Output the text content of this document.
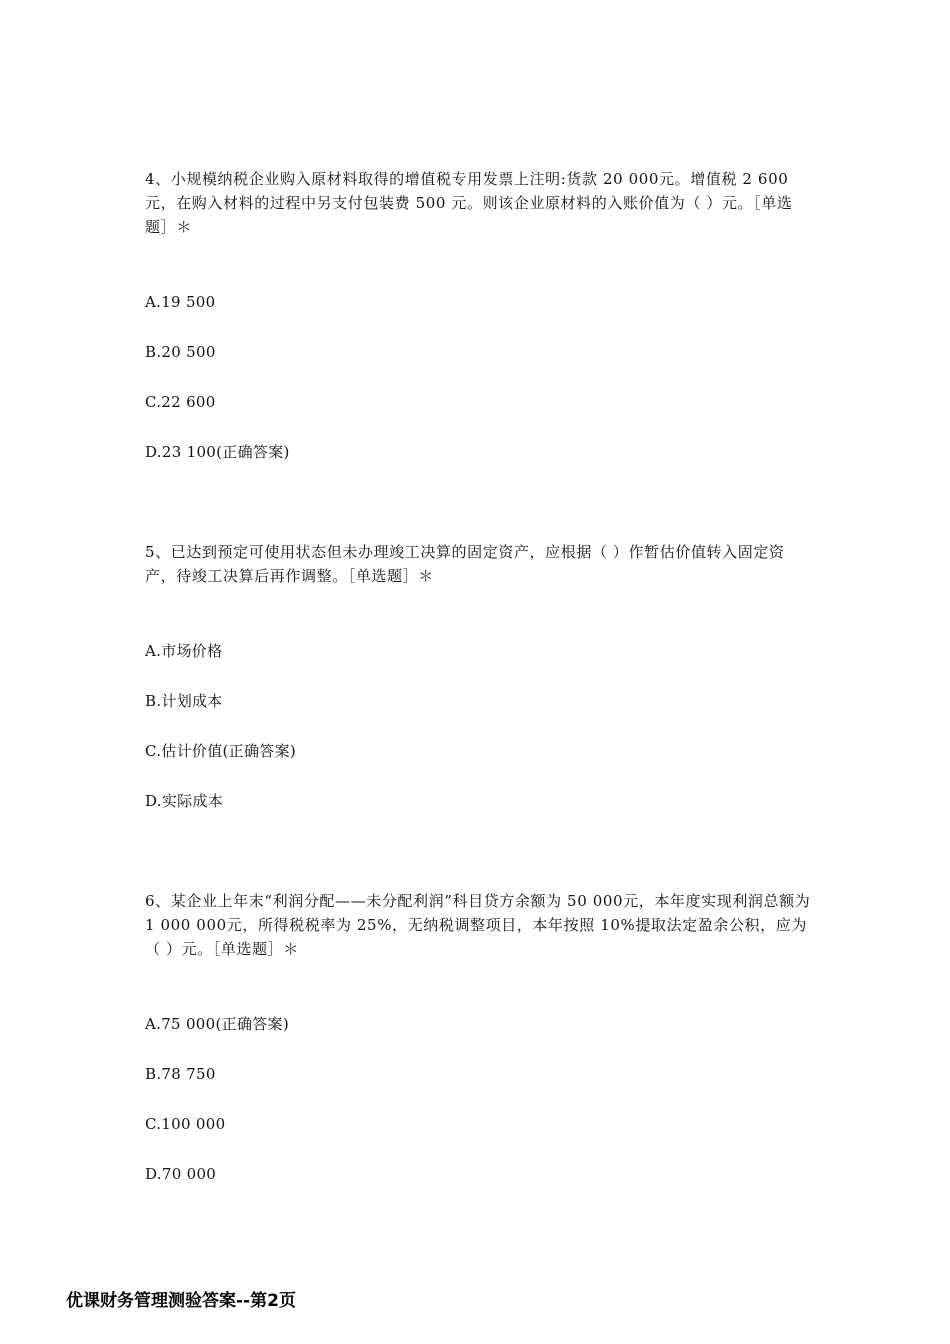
4、小规模纳税企业购入原材料取得的增值税专用发票上注明:货款 20 000元。增值税 2 600元，在购入材料的过程中另支付包装费 500 元。则该企业原材料的入账价值为（ ）元。［单选题］＊

A.19 500

B.20 500

C.22 600

D.23 100(正确答案)

5、已达到预定可使用状态但未办理竣工决算的固定资产，应根据（ ）作暂估价值转入固定资产，待竣工决算后再作调整。［单选题］＊

A.市场价格

B.计划成本

C.估计价值(正确答案)

D.实际成本

6、某企业上年末“利润分配——未分配利润”科目贷方余额为 50 000元，本年度实现利润总额为 1 000 000元，所得税税率为 25%，无纳税调整项目，本年按照 10%提取法定盈余公积，应为（ ）元。［单选题］＊

A.75 000(正确答案)

B.78 750

C.100 000

D.70 000

优课财务管理测验答案--第2页
